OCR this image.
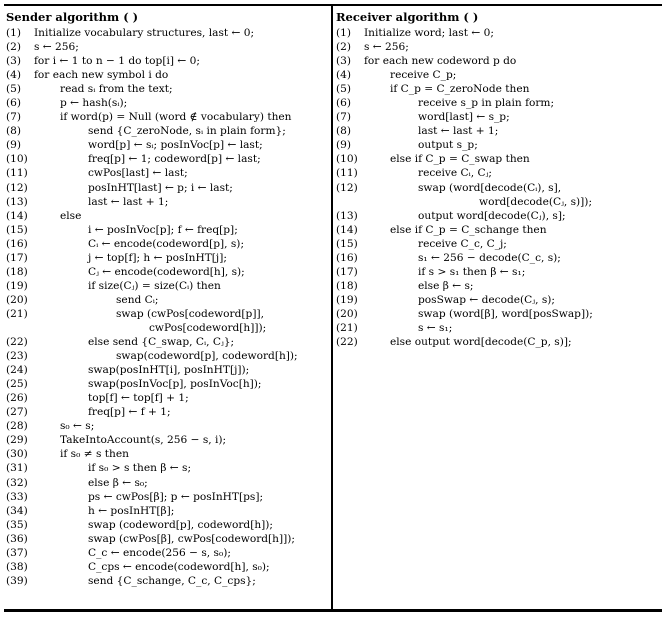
Sender algorithm ( )
(1) Initialize vocabulary structures, last ← 0;
(2) s ← 256;
(3) for i ← 1 to n − 1 do top[i] ← 0;
(4) for each new symbol i do
(5)	read sᵢ from the text;
(6)	p ← hash(sᵢ);
(7)	if word(p) = Null (word ∉ vocabulary) then
(8)	send {C_zeroNode, sᵢ in plain form};
(9)	word[p] ← sᵢ; posInVoc[p] ← last;
(10)	freq[p] ← 1; codeword[p] ← last;
(11)	cwPos[last] ← last;
(12)	posInHT[last] ← p; i ← last;
(13)	last ← last + 1;
(14)	else
(15)	i ← posInVoc[p]; f ← freq[p];
(16)	Cᵢ ← encode(codeword[p], s);
(17)	j ← top[f]; h ← posInHT[j];
(18)	Cⱼ ← encode(codeword[h], s);
(19)	if size(Cⱼ) = size(Cᵢ) then
(20)	send Cᵢ;
(21)	swap (cwPos[codeword[p]],
cwPos[codeword[h]]);
(22)	else send {C_swap, Cᵢ, Cⱼ};
(23)	swap(codeword[p], codeword[h]);
(24)	swap(posInHT[i], posInHT[j]);
(25)	swap(posInVoc[p], posInVoc[h]);
(26)	top[f] ← top[f] + 1;
(27)	freq[p] ← f + 1;
(28)	s₀ ← s;
(29)	TakeIntoAccount(s, 256 − s, i);
(30)	if s₀ ≠ s then
(31)	if s₀ > s then β ← s;
(32)	else β ← s₀;
(33)	ps ← cwPos[β]; p ← posInHT[ps];
(34)	h ← posInHT[β];
(35)	swap (codeword[p], codeword[h]);
(36)	swap (cwPos[β], cwPos[codeword[h]]);
(37)	C_c ← encode(256 − s, s₀);
(38)	C_cps ← encode(codeword[h], s₀);
(39)	send {C_schange, C_c, C_cps};
Receiver algorithm ( )
(1) Initialize word; last ← 0;
(2) s ← 256;
(3) for each new codeword p do
(4)	receive C_p;
(5)	if C_p = C_zeroNode then
(6)	receive s_p in plain form;
(7)	word[last] ← s_p;
(8)	last ← last + 1;
(9)	output s_p;
(10)	else if C_p = C_swap then
(11)	receive Cᵢ, Cⱼ;
(12)	swap (word[decode(Cᵢ), s],
word[decode(Cⱼ, s)]);
(13)	output word[decode(Cⱼ), s];
(14)	else if C_p = C_schange then
(15)	receive C_c, C_j;
(16)	s₁ ← 256 − decode(C_c, s);
(17)	if s > s₁ then β ← s₁;
(18)	else β ← s;
(19)	posSwap ← decode(Cⱼ, s);
(20)	swap (word[β], word[posSwap]);
(21)	s ← s₁;
(22)	else output word[decode(C_p, s)];
